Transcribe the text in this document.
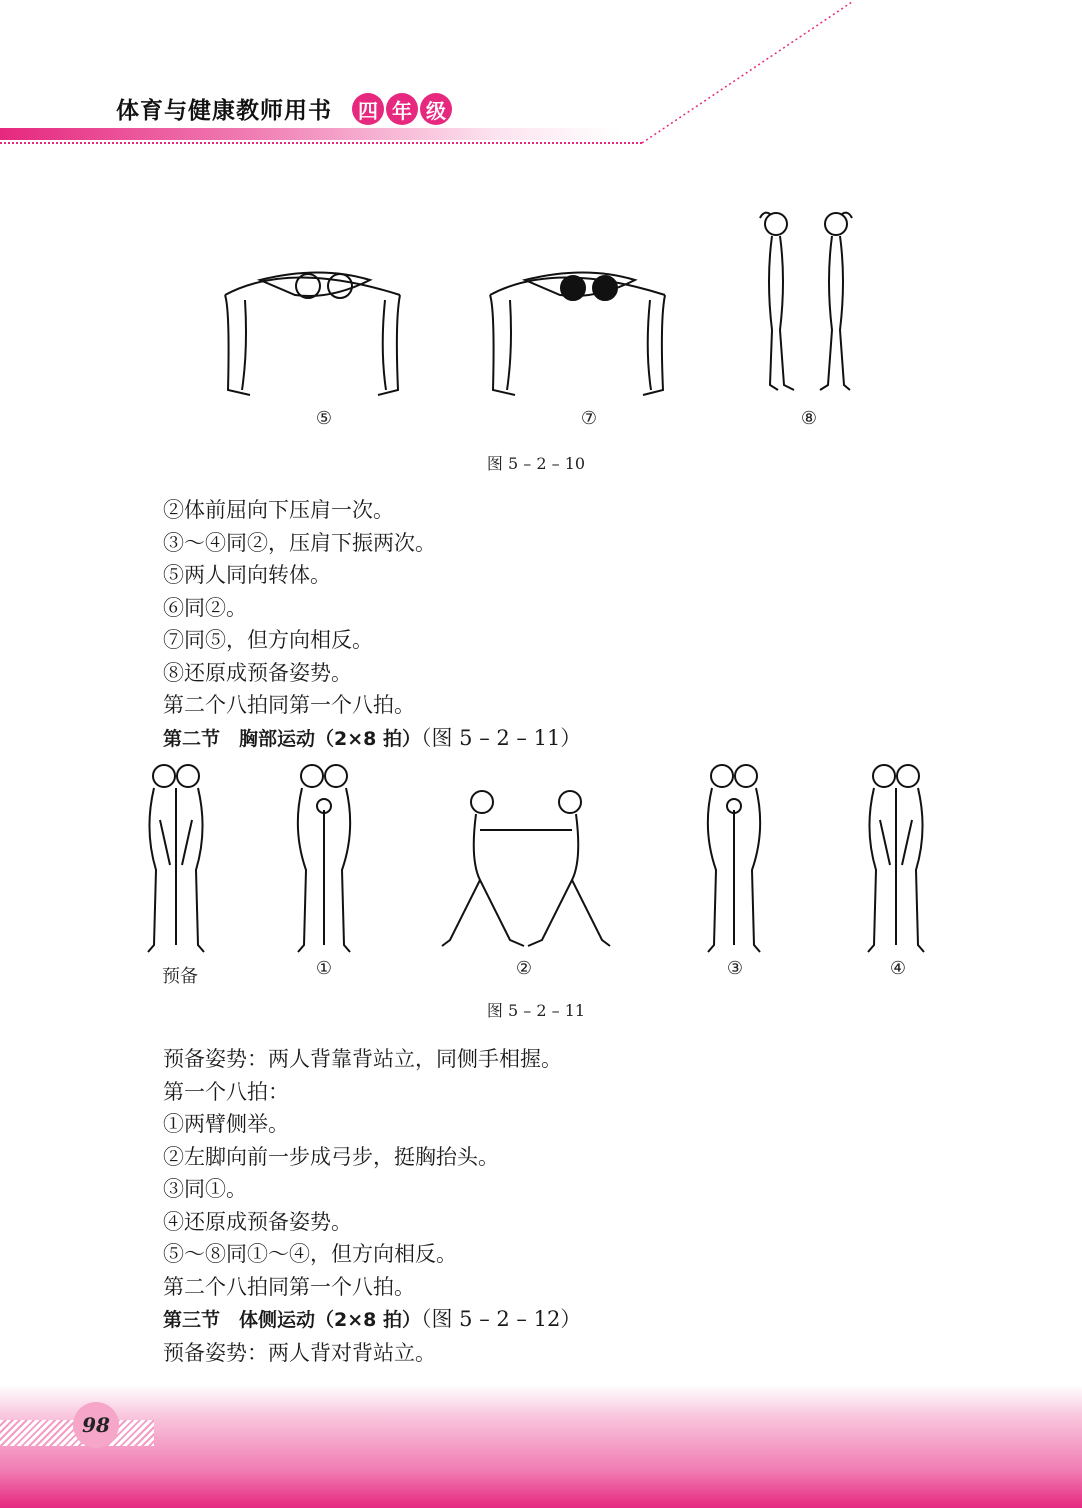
体育与健康教师用书	四 年 级
⑤	⑦	⑧
图 5 – 2 – 10

②体前屈向下压肩一次。

③～④同②，压肩下振两次。

⑤两人同向转体。

⑥同②。

⑦同⑤，但方向相反。

⑧还原成预备姿势。

第二个八拍同第一个八拍。

第二节　胸部运动（2×8 拍）（图 5 – 2 – 11）

预备	①	②	③	④
图 5 – 2 – 11

预备姿势：两人背靠背站立，同侧手相握。

第一个八拍：

①两臂侧举。

②左脚向前一步成弓步，挺胸抬头。

③同①。

④还原成预备姿势。

⑤～⑧同①～④，但方向相反。

第二个八拍同第一个八拍。

第三节　体侧运动（2×8 拍）（图 5 – 2 – 12）

预备姿势：两人背对背站立。

98
